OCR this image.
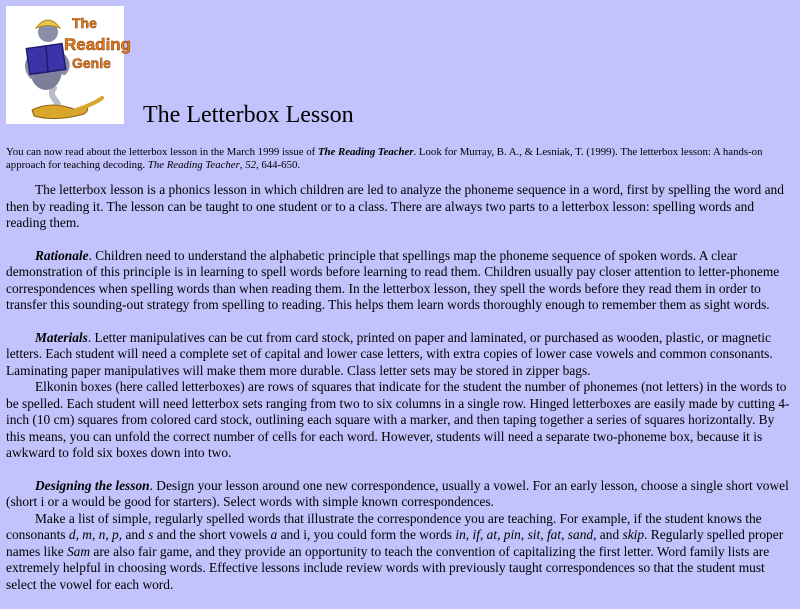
The
Reading
Genie
The Letterbox Lesson

You can now read about the letterbox lesson in the March 1999 issue of The Reading Teacher. Look for Murray, B. A., & Lesniak, T. (1999). The letterbox lesson: A hands-on approach for teaching decoding. The Reading Teacher, 52, 644-650.

The letterbox lesson is a phonics lesson in which children are led to analyze the phoneme sequence in a word, first by spelling the word and then by reading it. The lesson can be taught to one student or to a class. There are always two parts to a letterbox lesson: spelling words and reading them.

Rationale. Children need to understand the alphabetic principle that spellings map the phoneme sequence of spoken words. A clear demonstration of this principle is in learning to spell words before learning to read them. Children usually pay closer attention to letter-phoneme correspondences when spelling words than when reading them. In the letterbox lesson, they spell the words before they read them in order to transfer this sounding-out strategy from spelling to reading. This helps them learn words thoroughly enough to remember them as sight words.

Materials. Letter manipulatives can be cut from card stock, printed on paper and laminated, or purchased as wooden, plastic, or magnetic letters. Each student will need a complete set of capital and lower case letters, with extra copies of lower case vowels and common consonants. Laminating paper manipulatives will make them more durable. Class letter sets may be stored in zipper bags.

Elkonin boxes (here called letterboxes) are rows of squares that indicate for the student the number of phonemes (not letters) in the words to be spelled. Each student will need letterbox sets ranging from two to six columns in a single row. Hinged letterboxes are easily made by cutting 4-inch (10 cm) squares from colored card stock, outlining each square with a marker, and then taping together a series of squares horizontally. By this means, you can unfold the correct number of cells for each word. However, students will need a separate two-phoneme box, because it is awkward to fold six boxes down into two.

Designing the lesson. Design your lesson around one new correspondence, usually a vowel. For an early lesson, choose a single short vowel (short i or a would be good for starters). Select words with simple known correspondences.

Make a list of simple, regularly spelled words that illustrate the correspondence you are teaching. For example, if the student knows the consonants d, m, n, p, and s and the short vowels a and i, you could form the words in, if, at, pin, sit, fat, sand, and skip. Regularly spelled proper names like Sam are also fair game, and they provide an opportunity to teach the convention of capitalizing the first letter. Word family lists are extremely helpful in choosing words. Effective lessons include review words with previously taught correspondences so that the student must select the vowel for each word.
